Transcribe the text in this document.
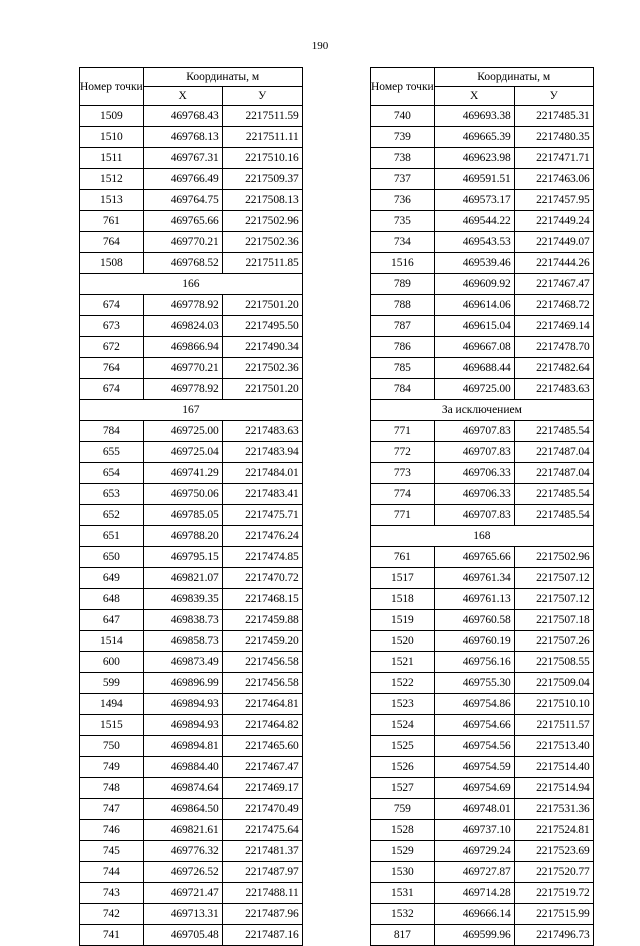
190
Номер точки	Координаты, м	
	X	У
1509	469768.43	2217511.59
1510	469768.13	2217511.11
1511	469767.31	2217510.16
1512	469766.49	2217509.37
1513	469764.75	2217508.13
761	469765.66	2217502.96
764	469770.21	2217502.36
1508	469768.52	2217511.85
166		
674	469778.92	2217501.20
673	469824.03	2217495.50
672	469866.94	2217490.34
764	469770.21	2217502.36
674	469778.92	2217501.20
167		
784	469725.00	2217483.63
655	469725.04	2217483.94
654	469741.29	2217484.01
653	469750.06	2217483.41
652	469785.05	2217475.71
651	469788.20	2217476.24
650	469795.15	2217474.85
649	469821.07	2217470.72
648	469839.35	2217468.15
647	469838.73	2217459.88
1514	469858.73	2217459.20
600	469873.49	2217456.58
599	469896.99	2217456.58
1494	469894.93	2217464.81
1515	469894.93	2217464.82
750	469894.81	2217465.60
749	469884.40	2217467.47
748	469874.64	2217469.17
747	469864.50	2217470.49
746	469821.61	2217475.64
745	469776.32	2217481.37
744	469726.52	2217487.97
743	469721.47	2217488.11
742	469713.31	2217487.96
741	469705.48	2217487.16
Номер точки	Координаты, м	
	X	У
740	469693.38	2217485.31
739	469665.39	2217480.35
738	469623.98	2217471.71
737	469591.51	2217463.06
736	469573.17	2217457.95
735	469544.22	2217449.24
734	469543.53	2217449.07
1516	469539.46	2217444.26
789	469609.92	2217467.47
788	469614.06	2217468.72
787	469615.04	2217469.14
786	469667.08	2217478.70
785	469688.44	2217482.64
784	469725.00	2217483.63
За исключением		
771	469707.83	2217485.54
772	469707.83	2217487.04
773	469706.33	2217487.04
774	469706.33	2217485.54
771	469707.83	2217485.54
168		
761	469765.66	2217502.96
1517	469761.34	2217507.12
1518	469761.13	2217507.12
1519	469760.58	2217507.18
1520	469760.19	2217507.26
1521	469756.16	2217508.55
1522	469755.30	2217509.04
1523	469754.86	2217510.10
1524	469754.66	2217511.57
1525	469754.56	2217513.40
1526	469754.59	2217514.40
1527	469754.69	2217514.94
759	469748.01	2217531.36
1528	469737.10	2217524.81
1529	469729.24	2217523.69
1530	469727.87	2217520.77
1531	469714.28	2217519.72
1532	469666.14	2217515.99
817	469599.96	2217496.73
